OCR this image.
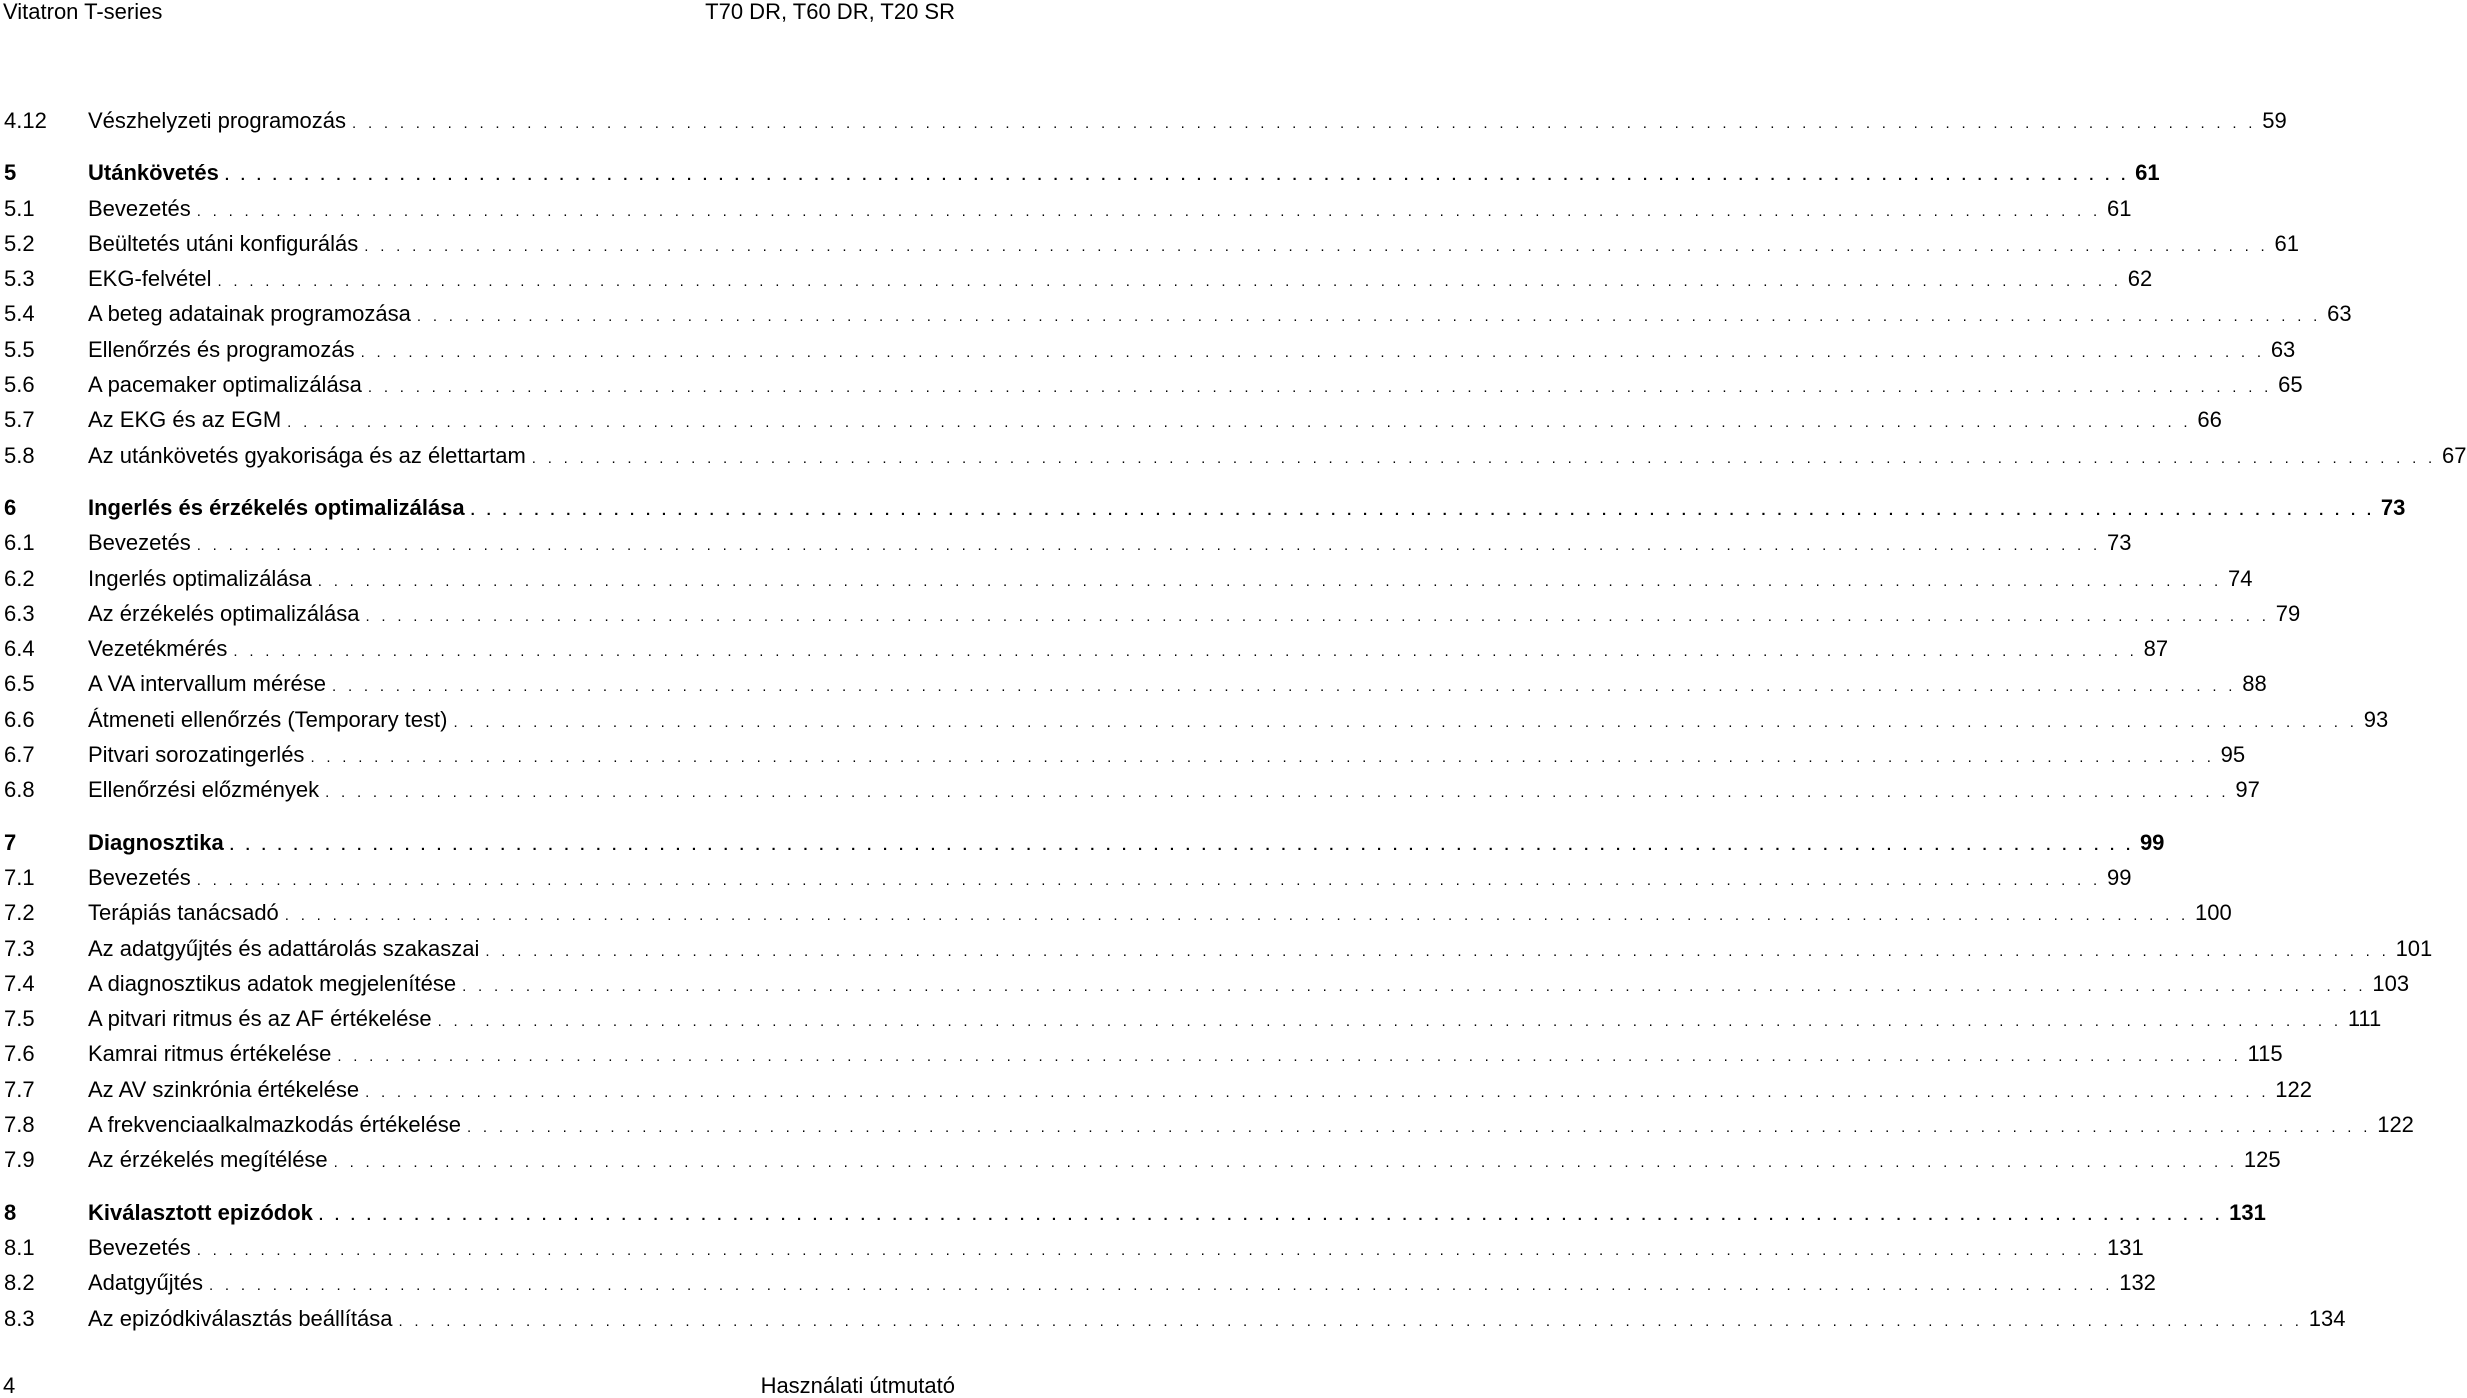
Vitatron T-series	T70 DR, T60 DR, T20 SR
4.12 Vészhelyzeti programozás . . . . . . . . . . . . . . . . . . . . . . . . . . . . . . . . . . . . . . . . . . . . . . . . . . . . . . . . . . . . . . . . . . . . . . . . . . . . . . . . . . . . . . . . . . . . . . . . . . . . . . . . . . . . . . . . . . . . . . . . 59
5	Utánkövetés . . . . . . . . . . . . . . . . . . . . . . . . . . . . . . . . . . . . . . . . . . . . . . . . . . . . . . . . . . . . . . . . . . . . . . . . . . . . . . . . . . . . . . . . . . . . . . . . . . . . . . . . . . . . . . . . . . . . . . . . 61
5.1 Bevezetés . . . . . . . . . . . . . . . . . . . . . . . . . . . . . . . . . . . . . . . . . . . . . . . . . . . . . . . . . . . . . . . . . . . . . . . . . . . . . . . . . . . . . . . . . . . . . . . . . . . . . . . . . . . . . . . . . . . . . . . . 61
5.2 Beültetés utáni konfigurálás . . . . . . . . . . . . . . . . . . . . . . . . . . . . . . . . . . . . . . . . . . . . . . . . . . . . . . . . . . . . . . . . . . . . . . . . . . . . . . . . . . . . . . . . . . . . . . . . . . . . . . . . . . . . . . . . . . . . . . . . 61
5.3 EKG-felvétel . . . . . . . . . . . . . . . . . . . . . . . . . . . . . . . . . . . . . . . . . . . . . . . . . . . . . . . . . . . . . . . . . . . . . . . . . . . . . . . . . . . . . . . . . . . . . . . . . . . . . . . . . . . . . . . . . . . . . . . . 62
5.4 A beteg adatainak programozása . . . . . . . . . . . . . . . . . . . . . . . . . . . . . . . . . . . . . . . . . . . . . . . . . . . . . . . . . . . . . . . . . . . . . . . . . . . . . . . . . . . . . . . . . . . . . . . . . . . . . . . . . . . . . . . . . . . . . . . . 63
5.5 Ellenőrzés és programozás . . . . . . . . . . . . . . . . . . . . . . . . . . . . . . . . . . . . . . . . . . . . . . . . . . . . . . . . . . . . . . . . . . . . . . . . . . . . . . . . . . . . . . . . . . . . . . . . . . . . . . . . . . . . . . . . . . . . . . . . 63
5.6 A pacemaker optimalizálása . . . . . . . . . . . . . . . . . . . . . . . . . . . . . . . . . . . . . . . . . . . . . . . . . . . . . . . . . . . . . . . . . . . . . . . . . . . . . . . . . . . . . . . . . . . . . . . . . . . . . . . . . . . . . . . . . . . . . . . . 65
5.7 Az EKG és az EGM . . . . . . . . . . . . . . . . . . . . . . . . . . . . . . . . . . . . . . . . . . . . . . . . . . . . . . . . . . . . . . . . . . . . . . . . . . . . . . . . . . . . . . . . . . . . . . . . . . . . . . . . . . . . . . . . . . . . . . . . 66
5.8 Az utánkövetés gyakorisága és az élettartam . . . . . . . . . . . . . . . . . . . . . . . . . . . . . . . . . . . . . . . . . . . . . . . . . . . . . . . . . . . . . . . . . . . . . . . . . . . . . . . . . . . . . . . . . . . . . . . . . . . . . . . . . . . . . . . . . . . . . . . . 67
6	Ingerlés és érzékelés optimalizálása . . . . . . . . . . . . . . . . . . . . . . . . . . . . . . . . . . . . . . . . . . . . . . . . . . . . . . . . . . . . . . . . . . . . . . . . . . . . . . . . . . . . . . . . . . . . . . . . . . . . . . . . . . . . . . . . . . . . . . . . 73
6.1 Bevezetés . . . . . . . . . . . . . . . . . . . . . . . . . . . . . . . . . . . . . . . . . . . . . . . . . . . . . . . . . . . . . . . . . . . . . . . . . . . . . . . . . . . . . . . . . . . . . . . . . . . . . . . . . . . . . . . . . . . . . . . . 73
6.2 Ingerlés optimalizálása . . . . . . . . . . . . . . . . . . . . . . . . . . . . . . . . . . . . . . . . . . . . . . . . . . . . . . . . . . . . . . . . . . . . . . . . . . . . . . . . . . . . . . . . . . . . . . . . . . . . . . . . . . . . . . . . . . . . . . . . 74
6.3 Az érzékelés optimalizálása . . . . . . . . . . . . . . . . . . . . . . . . . . . . . . . . . . . . . . . . . . . . . . . . . . . . . . . . . . . . . . . . . . . . . . . . . . . . . . . . . . . . . . . . . . . . . . . . . . . . . . . . . . . . . . . . . . . . . . . . 79
6.4 Vezetékmérés . . . . . . . . . . . . . . . . . . . . . . . . . . . . . . . . . . . . . . . . . . . . . . . . . . . . . . . . . . . . . . . . . . . . . . . . . . . . . . . . . . . . . . . . . . . . . . . . . . . . . . . . . . . . . . . . . . . . . . . . 87
6.5 A VA intervallum mérése . . . . . . . . . . . . . . . . . . . . . . . . . . . . . . . . . . . . . . . . . . . . . . . . . . . . . . . . . . . . . . . . . . . . . . . . . . . . . . . . . . . . . . . . . . . . . . . . . . . . . . . . . . . . . . . . . . . . . . . . 88
6.6 Átmeneti ellenőrzés (Temporary test) . . . . . . . . . . . . . . . . . . . . . . . . . . . . . . . . . . . . . . . . . . . . . . . . . . . . . . . . . . . . . . . . . . . . . . . . . . . . . . . . . . . . . . . . . . . . . . . . . . . . . . . . . . . . . . . . . . . . . . . . 93
6.7 Pitvari sorozatingerlés . . . . . . . . . . . . . . . . . . . . . . . . . . . . . . . . . . . . . . . . . . . . . . . . . . . . . . . . . . . . . . . . . . . . . . . . . . . . . . . . . . . . . . . . . . . . . . . . . . . . . . . . . . . . . . . . . . . . . . . . 95
6.8 Ellenőrzési előzmények . . . . . . . . . . . . . . . . . . . . . . . . . . . . . . . . . . . . . . . . . . . . . . . . . . . . . . . . . . . . . . . . . . . . . . . . . . . . . . . . . . . . . . . . . . . . . . . . . . . . . . . . . . . . . . . . . . . . . . . . 97
7	Diagnosztika . . . . . . . . . . . . . . . . . . . . . . . . . . . . . . . . . . . . . . . . . . . . . . . . . . . . . . . . . . . . . . . . . . . . . . . . . . . . . . . . . . . . . . . . . . . . . . . . . . . . . . . . . . . . . . . . . . . . . . . . 99
7.1 Bevezetés . . . . . . . . . . . . . . . . . . . . . . . . . . . . . . . . . . . . . . . . . . . . . . . . . . . . . . . . . . . . . . . . . . . . . . . . . . . . . . . . . . . . . . . . . . . . . . . . . . . . . . . . . . . . . . . . . . . . . . . . 99
7.2 Terápiás tanácsadó . . . . . . . . . . . . . . . . . . . . . . . . . . . . . . . . . . . . . . . . . . . . . . . . . . . . . . . . . . . . . . . . . . . . . . . . . . . . . . . . . . . . . . . . . . . . . . . . . . . . . . . . . . . . . . . . . . . . . . . . 100
7.3 Az adatgyűjtés és adattárolás szakaszai . . . . . . . . . . . . . . . . . . . . . . . . . . . . . . . . . . . . . . . . . . . . . . . . . . . . . . . . . . . . . . . . . . . . . . . . . . . . . . . . . . . . . . . . . . . . . . . . . . . . . . . . . . . . . . . . . . . . . . . . 101
7.4 A diagnosztikus adatok megjelenítése . . . . . . . . . . . . . . . . . . . . . . . . . . . . . . . . . . . . . . . . . . . . . . . . . . . . . . . . . . . . . . . . . . . . . . . . . . . . . . . . . . . . . . . . . . . . . . . . . . . . . . . . . . . . . . . . . . . . . . . . 103
7.5 A pitvari ritmus és az AF értékelése . . . . . . . . . . . . . . . . . . . . . . . . . . . . . . . . . . . . . . . . . . . . . . . . . . . . . . . . . . . . . . . . . . . . . . . . . . . . . . . . . . . . . . . . . . . . . . . . . . . . . . . . . . . . . . . . . . . . . . . . 111
7.6 Kamrai ritmus értékelése . . . . . . . . . . . . . . . . . . . . . . . . . . . . . . . . . . . . . . . . . . . . . . . . . . . . . . . . . . . . . . . . . . . . . . . . . . . . . . . . . . . . . . . . . . . . . . . . . . . . . . . . . . . . . . . . . . . . . . . . 115
7.7 Az AV szinkrónia értékelése . . . . . . . . . . . . . . . . . . . . . . . . . . . . . . . . . . . . . . . . . . . . . . . . . . . . . . . . . . . . . . . . . . . . . . . . . . . . . . . . . . . . . . . . . . . . . . . . . . . . . . . . . . . . . . . . . . . . . . . . 122
7.8 A frekvenciaalkalmazkodás értékelése . . . . . . . . . . . . . . . . . . . . . . . . . . . . . . . . . . . . . . . . . . . . . . . . . . . . . . . . . . . . . . . . . . . . . . . . . . . . . . . . . . . . . . . . . . . . . . . . . . . . . . . . . . . . . . . . . . . . . . . . 122
7.9 Az érzékelés megítélése . . . . . . . . . . . . . . . . . . . . . . . . . . . . . . . . . . . . . . . . . . . . . . . . . . . . . . . . . . . . . . . . . . . . . . . . . . . . . . . . . . . . . . . . . . . . . . . . . . . . . . . . . . . . . . . . . . . . . . . . 125
8	Kiválasztott epizódok . . . . . . . . . . . . . . . . . . . . . . . . . . . . . . . . . . . . . . . . . . . . . . . . . . . . . . . . . . . . . . . . . . . . . . . . . . . . . . . . . . . . . . . . . . . . . . . . . . . . . . . . . . . . . . . . . . . . . . . . 131
8.1 Bevezetés . . . . . . . . . . . . . . . . . . . . . . . . . . . . . . . . . . . . . . . . . . . . . . . . . . . . . . . . . . . . . . . . . . . . . . . . . . . . . . . . . . . . . . . . . . . . . . . . . . . . . . . . . . . . . . . . . . . . . . . . 131
8.2 Adatgyűjtés . . . . . . . . . . . . . . . . . . . . . . . . . . . . . . . . . . . . . . . . . . . . . . . . . . . . . . . . . . . . . . . . . . . . . . . . . . . . . . . . . . . . . . . . . . . . . . . . . . . . . . . . . . . . . . . . . . . . . . . . 132
8.3 Az epizódkiválasztás beállítása . . . . . . . . . . . . . . . . . . . . . . . . . . . . . . . . . . . . . . . . . . . . . . . . . . . . . . . . . . . . . . . . . . . . . . . . . . . . . . . . . . . . . . . . . . . . . . . . . . . . . . . . . . . . . . . . . . . . . . . . 134
4	Használati útmutató
